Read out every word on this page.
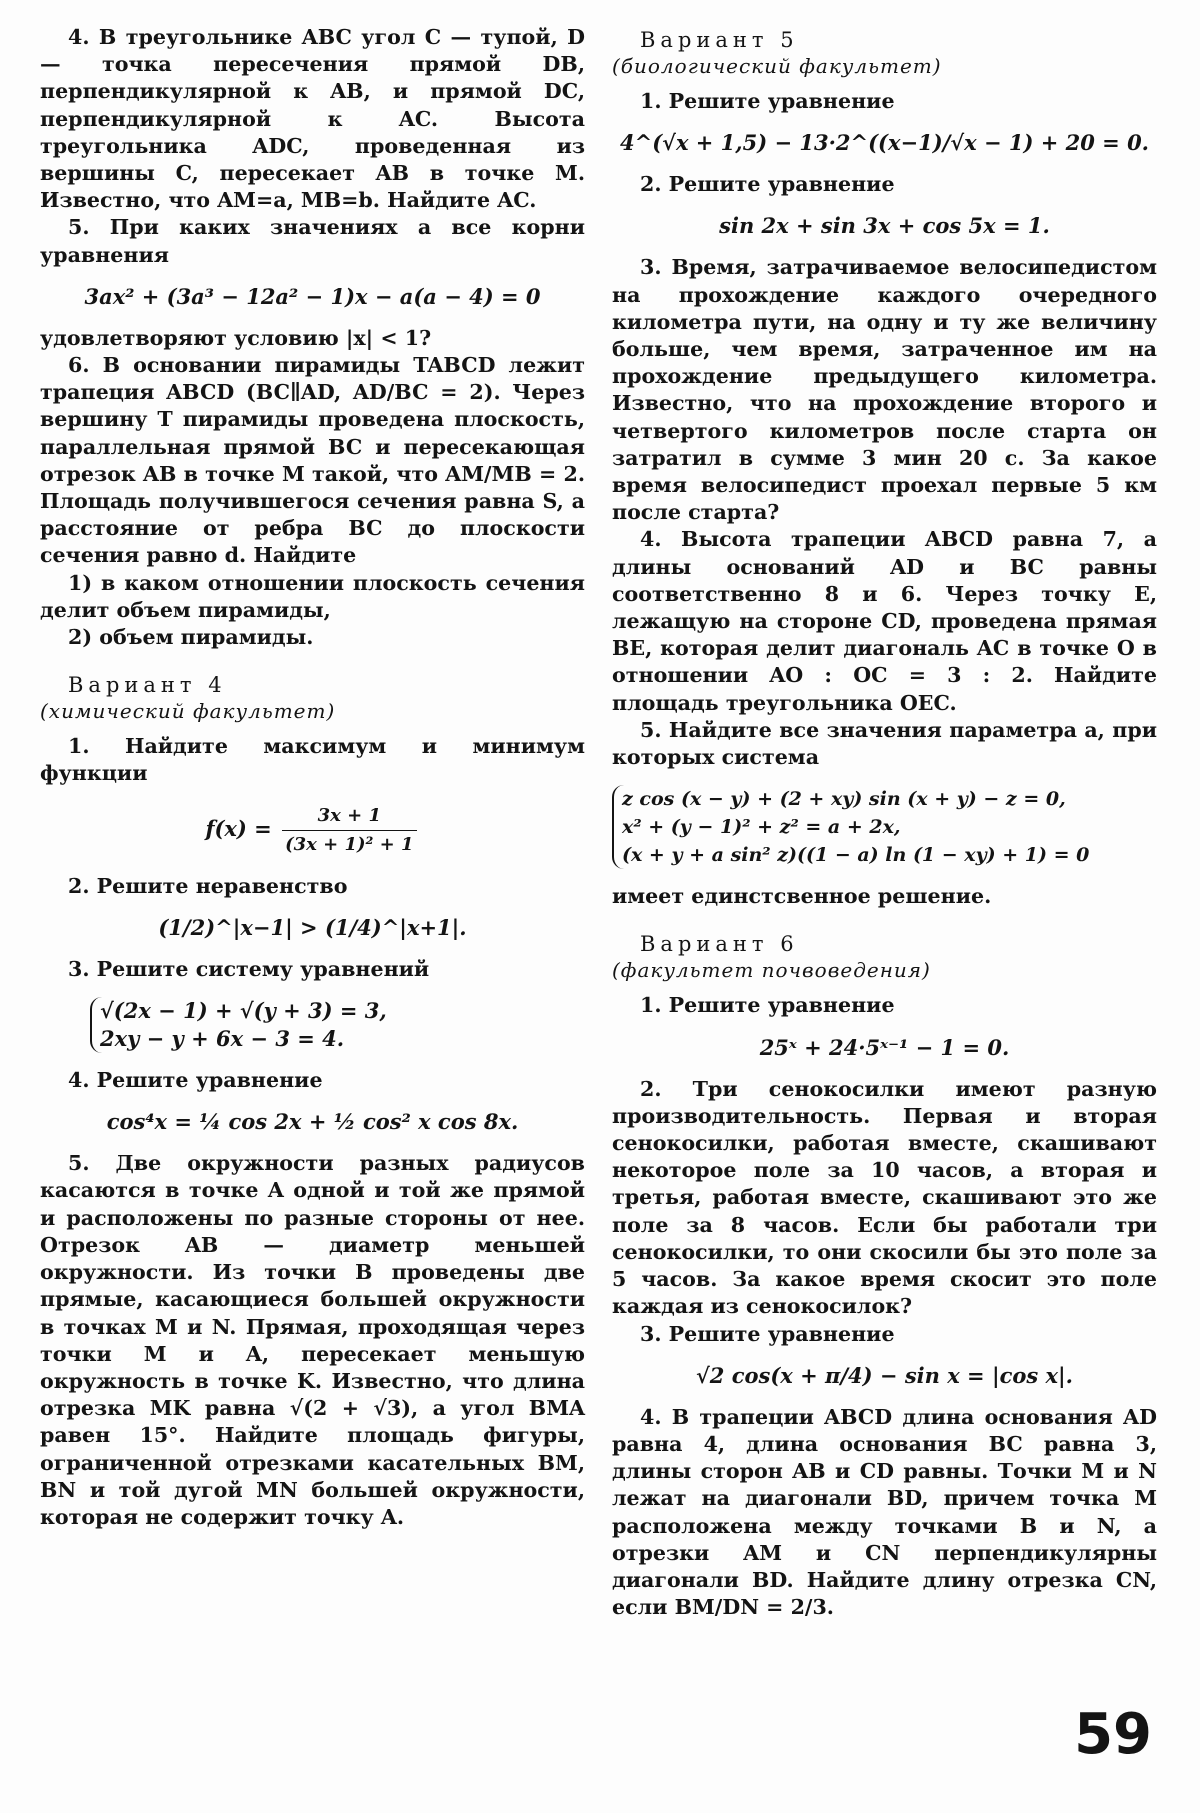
4. В треугольнике ABC угол C — тупой, D — точка пересечения прямой DB, перпендикулярной к AB, и прямой DC, перпендикулярной к AC. Высота треугольника ADC, проведенная из вершины C, пересекает AB в точке M. Известно, что AM=a, MB=b. Найдите AC.

5. При каких значениях a все корни уравнения

3ax² + (3a³ − 12a² − 1)x − a(a − 4) = 0

удовлетворяют условию |x| < 1?

6. В основании пирамиды TABCD лежит трапеция ABCD (BC∥AD, AD/BC = 2). Через вершину T пирамиды проведена плоскость, параллельная прямой BC и пересекающая отрезок AB в точке M такой, что AM/MB = 2. Площадь получившегося сечения равна S, а расстояние от ребра BC до плоскости сечения равно d. Найдите

1) в каком отношении плоскость сечения делит объем пирамиды,

2) объем пирамиды.

Вариант 4
(химический факультет)

1. Найдите максимум и минимум функции

$f(x) = \frac{3x + 1}{\text{(3x + 1)² + 1}}$

2. Решите неравенство

(1/2)^|x−1| > (1/4)^|x+1|.

3. Решите систему уравнений

√(2x − 1) + √(y + 3) = 3,
2xy − y + 6x − 3 = 4.

4. Решите уравнение

cos⁴x = ¼ cos 2x + ½ cos² x cos 8x.

5. Две окружности разных радиусов касаются в точке A одной и той же прямой и расположены по разные стороны от нее. Отрезок AB — диаметр меньшей окружности. Из точки B проведены две прямые, касающиеся большей окружности в точках M и N. Прямая, проходящая через точки M и A, пересекает меньшую окружность в точке K. Известно, что длина отрезка MK равна √(2 + √3), а угол BMA равен 15°. Найдите площадь фигуры, ограниченной отрезками касательных BM, BN и той дугой MN большей окружности, которая не содержит точку A.

Вариант 5
(биологический факультет)

1. Решите уравнение

4^(√x + 1,5) − 13·2^((x−1)/√x − 1) + 20 = 0.

2. Решите уравнение

sin 2x + sin 3x + cos 5x = 1.

3. Время, затрачиваемое велосипедистом на прохождение каждого очередного километра пути, на одну и ту же величину больше, чем время, затраченное им на прохождение предыдущего километра. Известно, что на прохождение второго и четвертого километров после старта он затратил в сумме 3 мин 20 с. За какое время велосипедист проехал первые 5 км после старта?

4. Высота трапеции ABCD равна 7, а длины оснований AD и BC равны соответственно 8 и 6. Через точку E, лежащую на стороне CD, проведена прямая BE, которая делит диагональ AC в точке O в отношении AO : OC = 3 : 2. Найдите площадь треугольника OEC.

5. Найдите все значения параметра a, при которых система

z cos (x − y) + (2 + xy) sin (x + y) − z = 0,
x² + (y − 1)² + z² = a + 2x,
(x + y + a sin² z)((1 − a) ln (1 − xy) + 1) = 0

имеет единстсвенное решение.

Вариант 6
(факультет почвоведения)

1. Решите уравнение

25ˣ + 24·5ˣ⁻¹ − 1 = 0.

2. Три сенокосилки имеют разную производительность. Первая и вторая сенокосилки, работая вместе, скашивают некоторое поле за 10 часов, а вторая и третья, работая вместе, скашивают это же поле за 8 часов. Если бы работали три сенокосилки, то они скосили бы это поле за 5 часов. За какое время скосит это поле каждая из сенокосилок?

3. Решите уравнение

√2 cos(x + π/4) − sin x = |cos x|.

4. В трапеции ABCD длина основания AD равна 4, длина основания BC равна 3, длины сторон AB и CD равны. Точки M и N лежат на диагонали BD, причем точка M расположена между точками B и N, а отрезки AM и CN перпендикулярны диагонали BD. Найдите длину отрезка CN, если BM/DN = 2/3.

59
